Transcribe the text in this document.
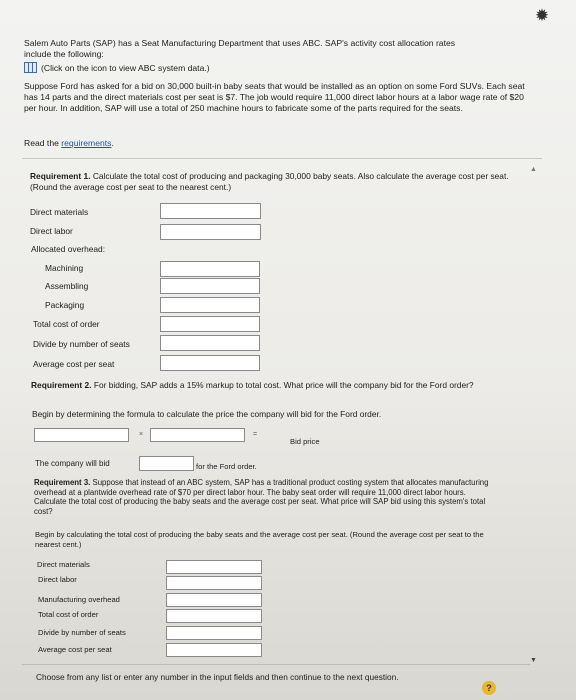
✹

Salem Auto Parts (SAP) has a Seat Manufacturing Department that uses ABC. SAP's activity cost allocation rates

include the following:

(Click on the icon to view ABC system data.)
Suppose Ford has asked for a bid on 30,000 built-in baby seats that would be installed as an option on some Ford SUVs. Each seat has 14 parts and the direct materials cost per seat is $7. The job would require 11,000 direct labor hours at a labor wage rate of $20 per hour. In addition, SAP will use a total of 250 machine hours to fabricate some of the parts required for the seats.
Read the requirements.
▲
▼
Requirement 1. Calculate the total cost of producing and packaging 30,000 baby seats. Also calculate the average cost per seat. (Round the average cost per seat to the nearest cent.)
Direct materials
Direct labor
Allocated overhead:
Machining
Assembling
Packaging
Total cost of order
Divide by number of seats
Average cost per seat
Requirement 2. For bidding, SAP adds a 15% markup to total cost. What price will the company bid for the Ford order?
Begin by determining the formula to calculate the price the company will bid for the Ford order.
×	=
Bid price
The company will bid	for the Ford order.
Requirement 3. Suppose that instead of an ABC system, SAP has a traditional product costing system that allocates manufacturing overhead at a plantwide overhead rate of $70 per direct labor hour. The baby seat order will require 11,000 direct labor hours. Calculate the total cost of producing the baby seats and the average cost per seat. What price will SAP bid using this system's total cost?
Begin by calculating the total cost of producing the baby seats and the average cost per seat. (Round the average cost per seat to the nearest cent.)
Direct materials
Direct labor
Manufacturing overhead
Total cost of order
Divide by number of seats
Average cost per seat
Choose from any list or enter any number in the input fields and then continue to the next question.
?
